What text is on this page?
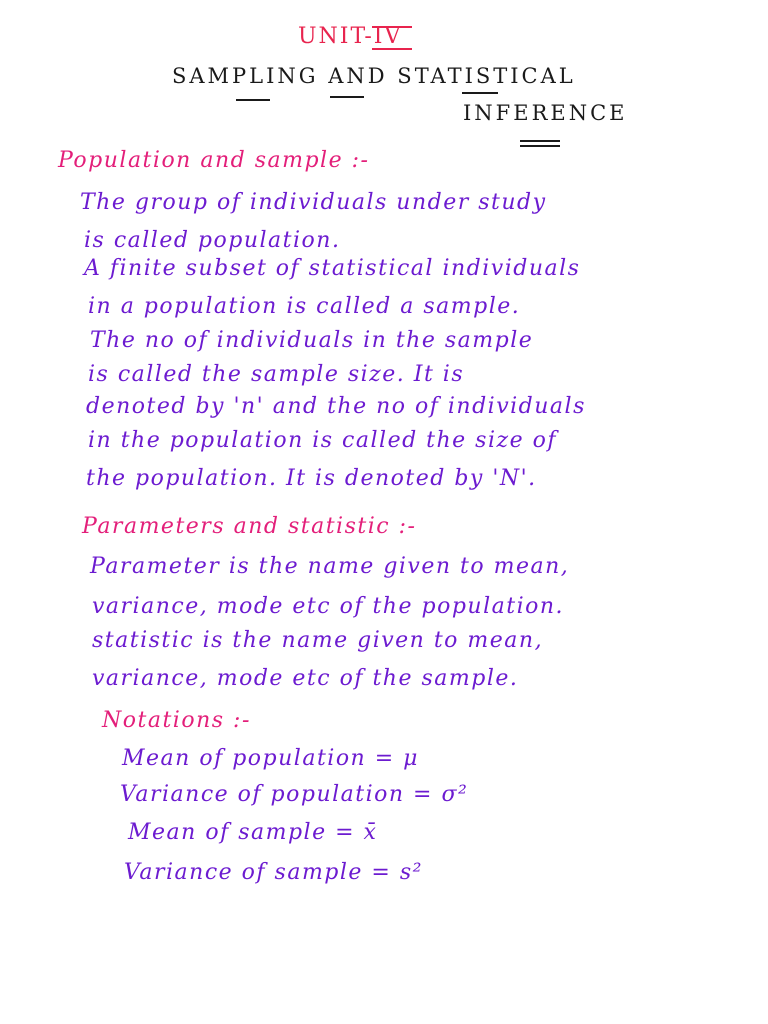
UNIT-IV
SAMPLING AND STATISTICAL
INFERENCE
Population and sample :-
The group of individuals under study
is called population.
A finite subset of statistical individuals
in a population is called a sample.
The no of individuals in the sample
is called the sample size. It is
denoted by 'n' and the no of individuals
in the population is called the size of
the population. It is denoted by 'N'.
Parameters and statistic :-
Parameter is the name given to mean,
variance, mode etc of the population.
statistic is the name given to mean,
variance, mode etc of the sample.
Notations :-
Mean of population = μ
Variance of population = σ²
Mean of sample = x̄
Variance of sample = s²
